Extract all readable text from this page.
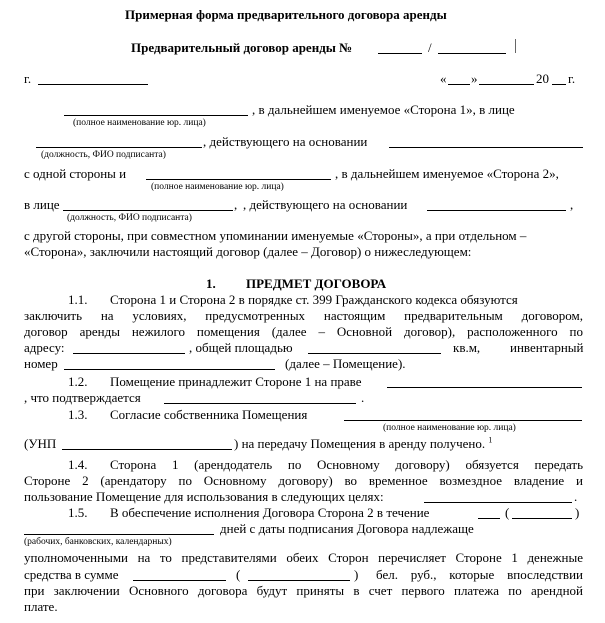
Примерная форма предварительного договора аренды
Предварительный договор аренды №	/
г.	« »	20 г.
, в дальнейшем именуемое «Сторона 1», в лице
(полное наименование юр. лица)
, действующего на основании
(должность, ФИО подписанта)
с одной стороны и	, в дальнейшем именуемое «Сторона 2»,
(полное наименование юр. лица)
в лице	, , действующего на основании	,
(должность, ФИО подписанта)
с другой стороны, при совместном упоминании именуемые «Стороны», а при отдельном –
«Сторона», заключили настоящий договор (далее – Договор) о нижеследующем:
1. ПРЕДМЕТ ДОГОВОРА
1.1. Сторона 1 и Сторона 2 в порядке ст. 399 Гражданского кодекса обязуются
заключить на условиях, предусмотренных настоящим предварительным договором,
договор аренды нежилого помещения (далее – Основной договор), расположенного по
адресу:	, общей площадью	кв.м, инвентарный
номер	(далее – Помещение).
1.2. Помещение принадлежит Стороне 1 на праве
, что подтверждается	.
1.3. Согласие собственника Помещения
(полное наименование юр. лица)
(УНП	) на передачу Помещения в аренду получено. $^1$
1.4. Сторона 1 (арендодатель по Основному договору) обязуется передать
Стороне 2 (арендатору по Основному договору) во временное возмездное владение и
пользование Помещение для использования в следующих целях:	.
1.5. В обеспечение исполнения Договора Сторона 2 в течение	(	)
дней с даты подписания Договора надлежаще
(рабочих, банковских, календарных)
уполномоченными на то представителями обеих Сторон перечисляет Стороне 1 денежные
средства в сумме	(	) бел. руб., которые впоследствии
при заключении Основного договора будут приняты в счет первого платежа по арендной
плате.
